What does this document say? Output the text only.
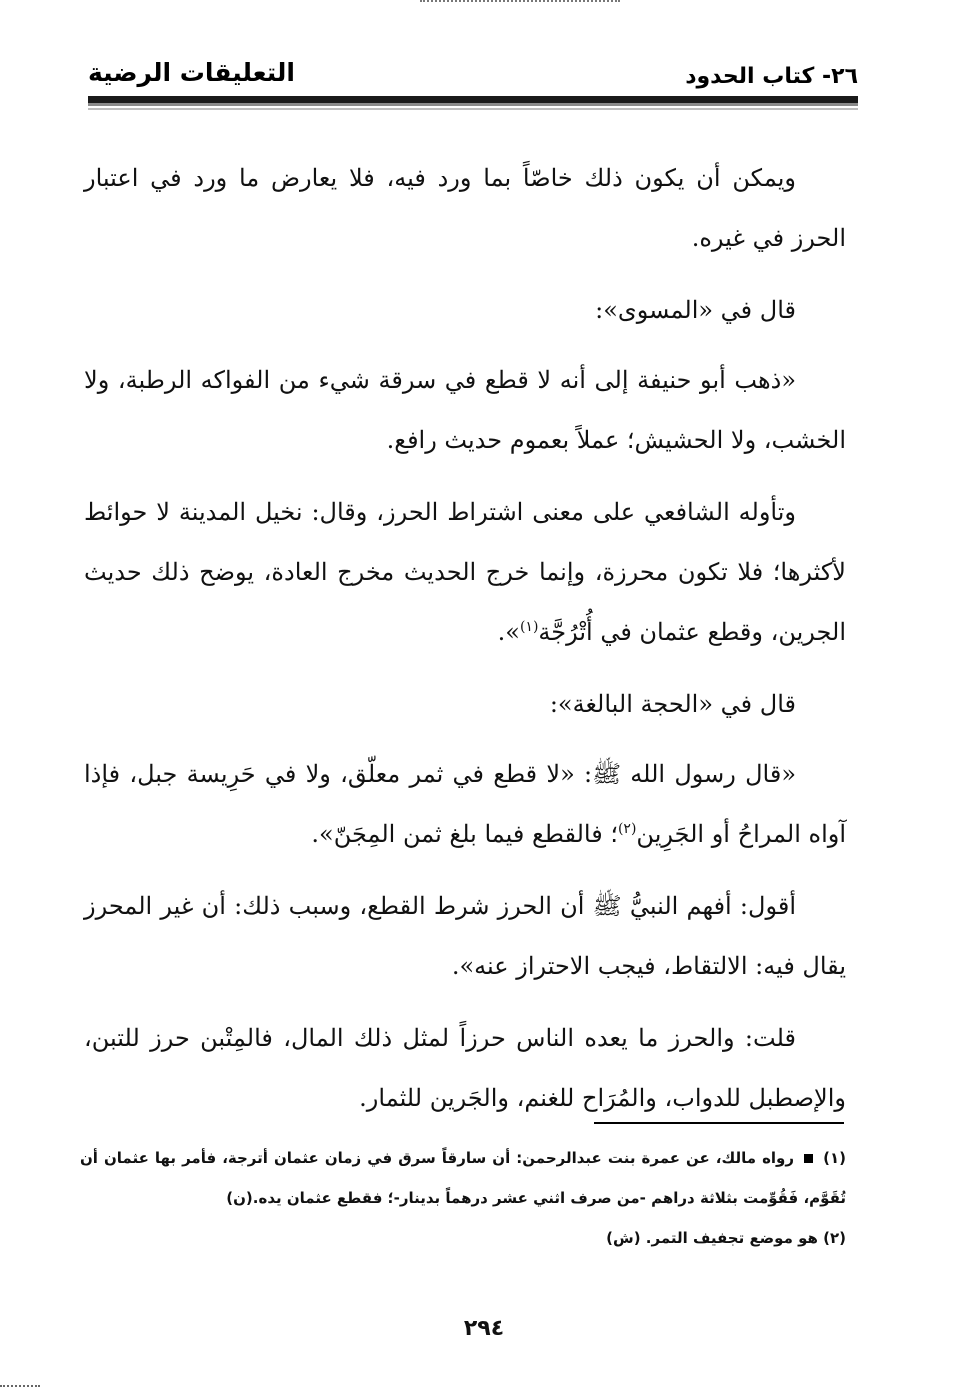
٢٦- كتاب الحدود
التعليقات الرضية

ويمكن أن يكون ذلك خاصّاً بما ورد فيه، فلا يعارض ما ورد في اعتبار الحرز في غيره.

قال في «المسوى»:

«ذهب أبو حنيفة إلى أنه لا قطع في سرقة شيء من الفواكه الرطبة، ولا الخشب، ولا الحشيش؛ عملاً بعموم حديث رافع.

وتأوله الشافعي على معنى اشتراط الحرز، وقال: نخيل المدينة لا حوائط لأكثرها؛ فلا تكون محرزة، وإنما خرج الحديث مخرج العادة، يوضح ذلك حديث الجرين، وقطع عثمان في أُتْرُجَّة$^{(١)}$».

قال في «الحجة البالغة»:

«قال رسول الله ﷺ: «لا قطع في ثمر معلّق، ولا في حَرِيسة جبل، فإذا آواه المراحُ أو الجَرِين$^{(٢)}$؛ فالقطع فيما بلغ ثمن المِجَنّ».

أقول: أفهم النبيُّ ﷺ أن الحرز شرط القطع، وسبب ذلك: أن غير المحرز يقال فيه: الالتقاط، فيجب الاحتراز عنه».

قلت: والحرز ما يعده الناس حرزاً لمثل ذلك المال، فالمِتْبن حرز للتبن، والإصطبل للدواب، والمُرَاح للغنم، والجَرين للثمار.

(١)  رواه مالك، عن عمرة بنت عبدالرحمن: أن سارقاً سرق في زمان عثمان أترجة، فأمر بها عثمان أن تُقَوَّم، فَقُوِّمت بثلاثة دراهم -من صرف اثني عشر درهماً بدينار-؛ فقطع عثمان يده.(ن)

(٢) هو موضع تجفيف التمر. (ش)

٢٩٤
